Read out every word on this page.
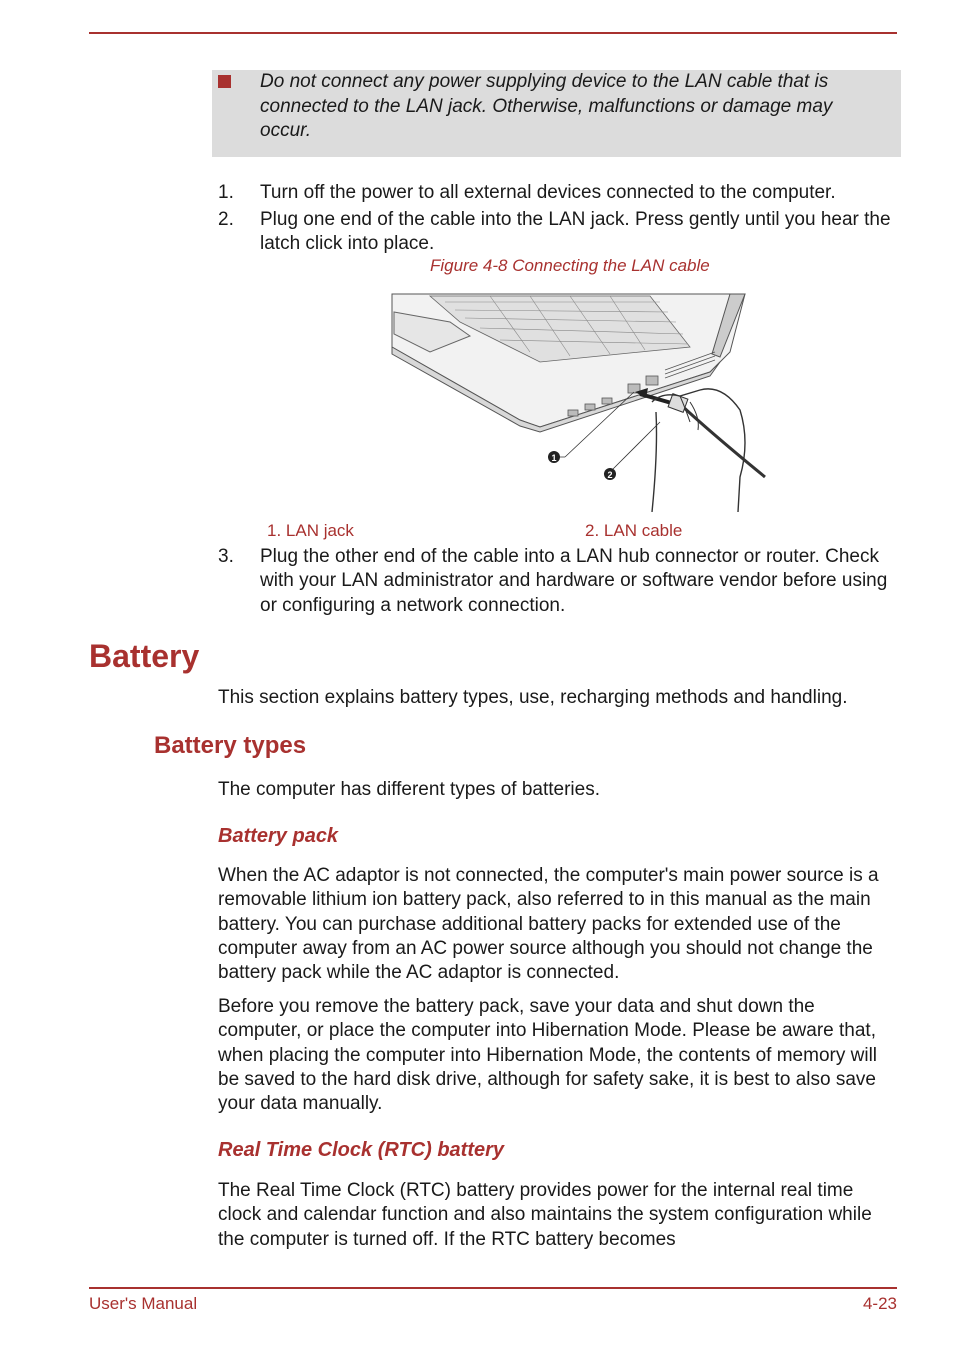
Do not connect any power supplying device to the LAN cable that is connected to the LAN jack. Otherwise, malfunctions or damage may occur.
1. Turn off the power to all external devices connected to the computer.
2. Plug one end of the cable into the LAN jack. Press gently until you hear the latch click into place.
Figure 4-8 Connecting the LAN cable
1
2
1. LAN jack	2. LAN cable
3. Plug the other end of the cable into a LAN hub connector or router. Check with your LAN administrator and hardware or software vendor before using or configuring a network connection.
Battery
This section explains battery types, use, recharging methods and handling.
Battery types
The computer has different types of batteries.
Battery pack
When the AC adaptor is not connected, the computer's main power source is a removable lithium ion battery pack, also referred to in this manual as the main battery. You can purchase additional battery packs for extended use of the computer away from an AC power source although you should not change the battery pack while the AC adaptor is connected.
Before you remove the battery pack, save your data and shut down the computer, or place the computer into Hibernation Mode. Please be aware that, when placing the computer into Hibernation Mode, the contents of memory will be saved to the hard disk drive, although for safety sake, it is best to also save your data manually.
Real Time Clock (RTC) battery
The Real Time Clock (RTC) battery provides power for the internal real time clock and calendar function and also maintains the system configuration while the computer is turned off. If the RTC battery becomes
User's Manual	4-23
